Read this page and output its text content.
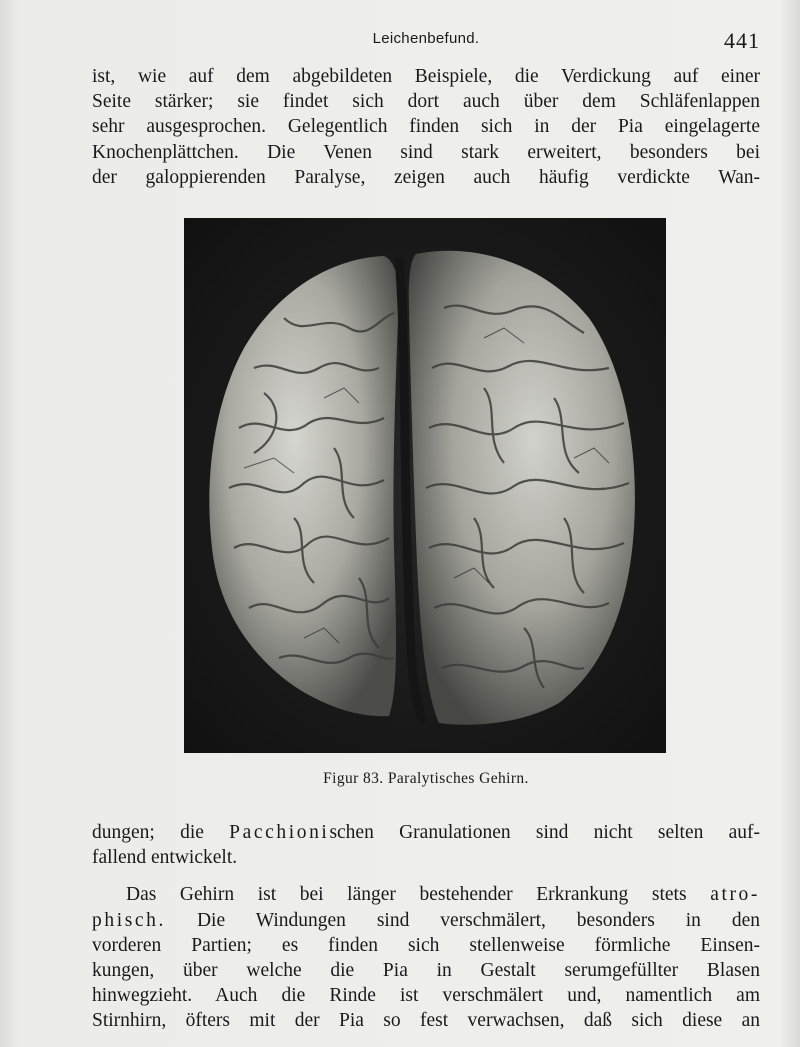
Leichenbefund.	441
ist, wie auf dem abgebildeten Beispiele, die Verdickung auf einer
Seite stärker; sie findet sich dort auch über dem Schläfenlappen
sehr ausgesprochen. Gelegentlich finden sich in der Pia eingelagerte
Knochenplättchen. Die Venen sind stark erweitert, besonders bei
der galoppierenden Paralyse, zeigen auch häufig verdickte Wan-
Figur 83. Paralytisches Gehirn.
dungen; die Pacchionischen Granulationen sind nicht selten auf-
fallend entwickelt.
Das Gehirn ist bei länger bestehender Erkrankung stets atro-
phisch. Die Windungen sind verschmälert, besonders in den
vorderen Partien; es finden sich stellenweise förmliche Einsen-
kungen, über welche die Pia in Gestalt serumgefüllter Blasen
hinwegzieht. Auch die Rinde ist verschmälert und, namentlich am
Stirnhirn, öfters mit der Pia so fest verwachsen, daß sich diese an
